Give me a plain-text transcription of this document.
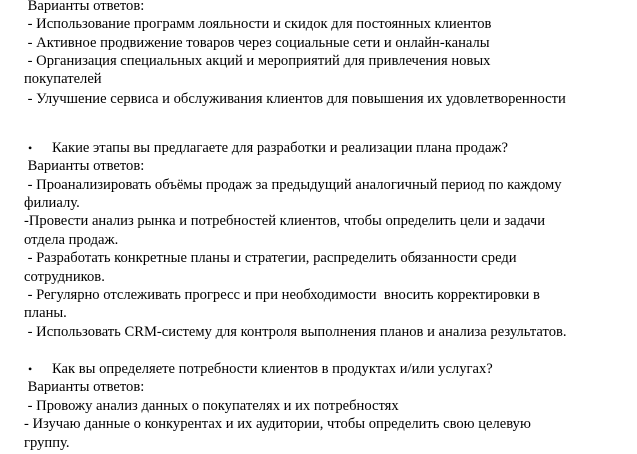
Варианты ответов:
- Использование программ лояльности и скидок для постоянных клиентов
- Активное продвижение товаров через социальные сети и онлайн-каналы
- Организация специальных акций и мероприятий для привлечения новых
покупателей
- Улучшение сервиса и обслуживания клиентов для повышения их удовлетворенности
• Какие этапы вы предлагаете для разработки и реализации плана продаж?
Варианты ответов:
- Проанализировать объёмы продаж за предыдущий аналогичный период по каждому
филиалу.
-Провести анализ рынка и потребностей клиентов, чтобы определить цели и задачи
отдела продаж.
- Разработать конкретные планы и стратегии, распределить обязанности среди
сотрудников.
- Регулярно отслеживать прогресс и при необходимости  вносить корректировки в
планы.
- Использовать CRM-систему для контроля выполнения планов и анализа результатов.
• Как вы определяете потребности клиентов в продуктах и/или услугах?
Варианты ответов:
- Провожу анализ данных о покупателях и их потребностях
- Изучаю данные о конкурентах и их аудитории, чтобы определить свою целевую
группу.
